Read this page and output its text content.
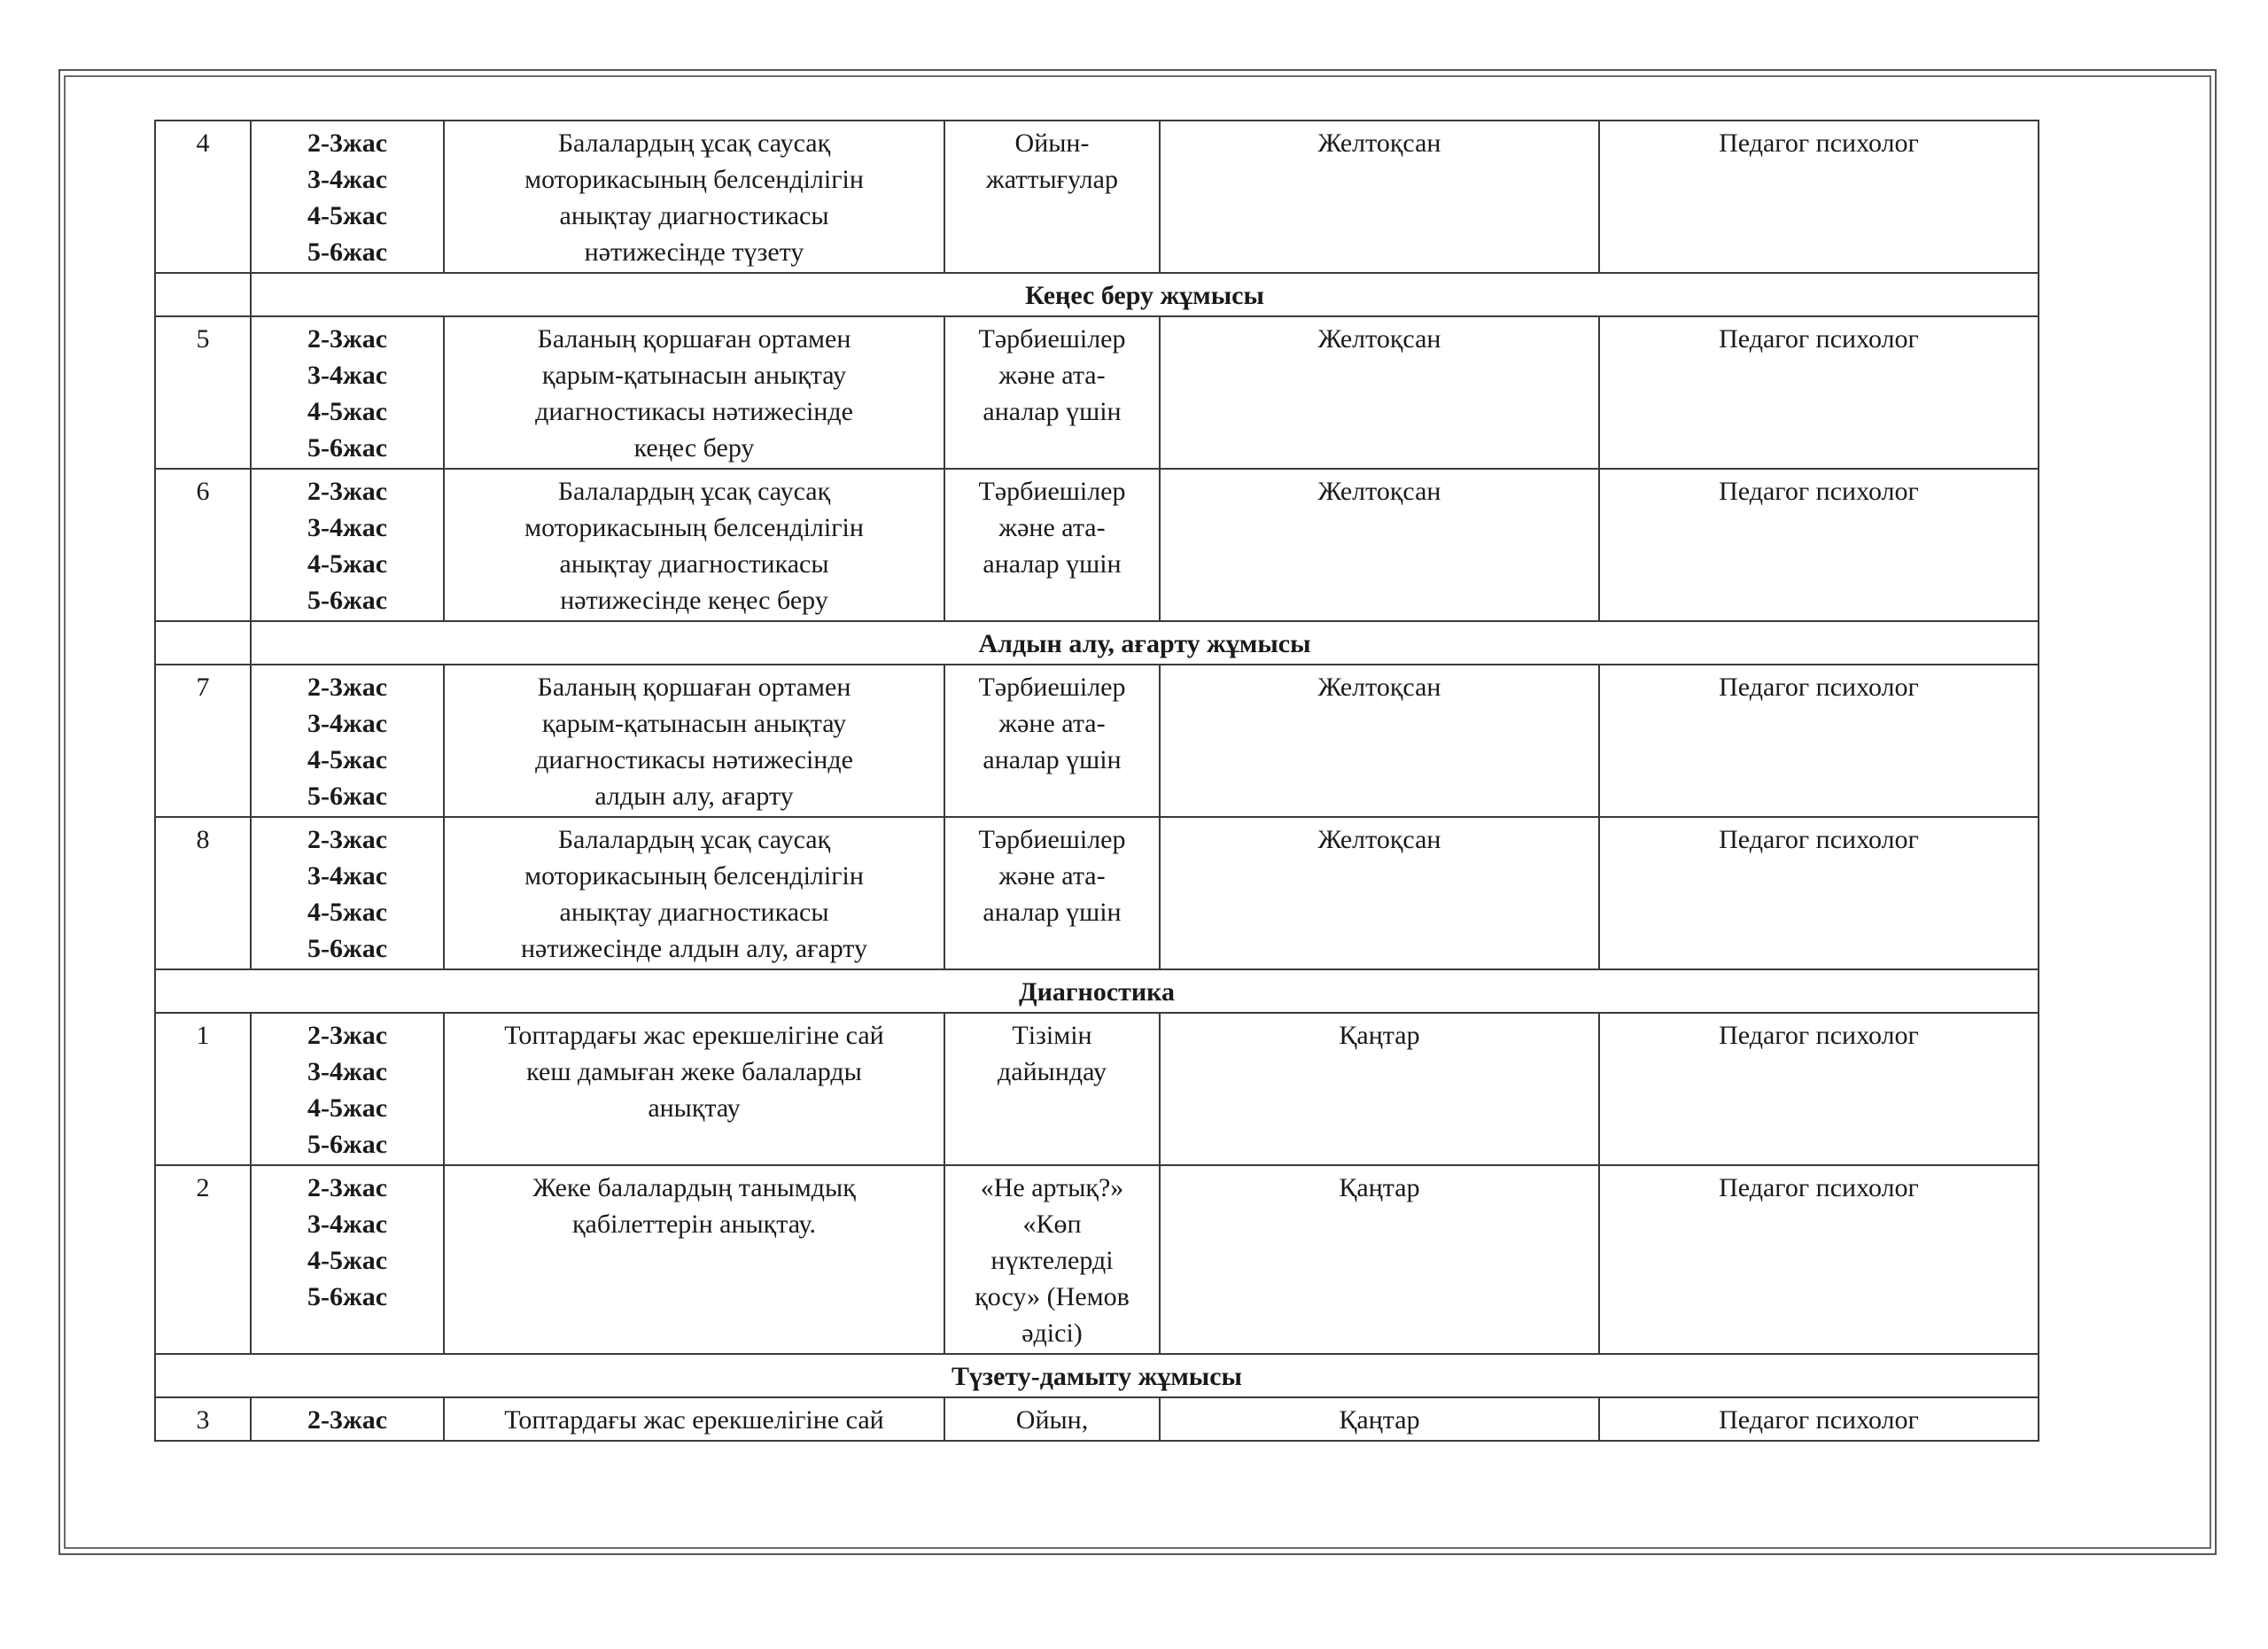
4	2-3жас
3-4жас
4-5жас
5-6жас	Балалардың ұсақ саусақ
моторикасының белсенділігін
анықтау диагностикасы
нәтижесінде түзету	Ойын-
жаттығулар	Желтоқсан	Педагог психолог
	Кеңес беру жұмысы				
5	2-3жас
3-4жас
4-5жас
5-6жас	Баланың қоршаған ортамен
қарым-қатынасын анықтау
диагностикасы нәтижесінде
кеңес беру	Тәрбиешілер
және ата-
аналар үшін	Желтоқсан	Педагог психолог
6	2-3жас
3-4жас
4-5жас
5-6жас	Балалардың ұсақ саусақ
моторикасының белсенділігін
анықтау диагностикасы
нәтижесінде кеңес беру	Тәрбиешілер
және ата-
аналар үшін	Желтоқсан	Педагог психолог
	Алдын алу, ағарту жұмысы				
7	2-3жас
3-4жас
4-5жас
5-6жас	Баланың қоршаған ортамен
қарым-қатынасын анықтау
диагностикасы нәтижесінде
алдын алу, ағарту	Тәрбиешілер
және ата-
аналар үшін	Желтоқсан	Педагог психолог
8	2-3жас
3-4жас
4-5жас
5-6жас	Балалардың ұсақ саусақ
моторикасының белсенділігін
анықтау диагностикасы
нәтижесінде алдын алу, ағарту	Тәрбиешілер
және ата-
аналар үшін	Желтоқсан	Педагог психолог
Диагностика					
1	2-3жас
3-4жас
4-5жас
5-6жас	Топтардағы жас ерекшелігіне сай
кеш дамыған жеке балаларды
анықтау	Тізімін
дайындау	Қаңтар	Педагог психолог
2	2-3жас
3-4жас
4-5жас
5-6жас	Жеке балалардың танымдық
қабілеттерін анықтау.	«Не артық?»
«Көп
нүктелерді
қосу» (Немов
әдісі)	Қаңтар	Педагог психолог
Түзету-дамыту жұмысы					
3	2-3жас	Топтардағы жас ерекшелігіне сай	Ойын,	Қаңтар	Педагог психолог
